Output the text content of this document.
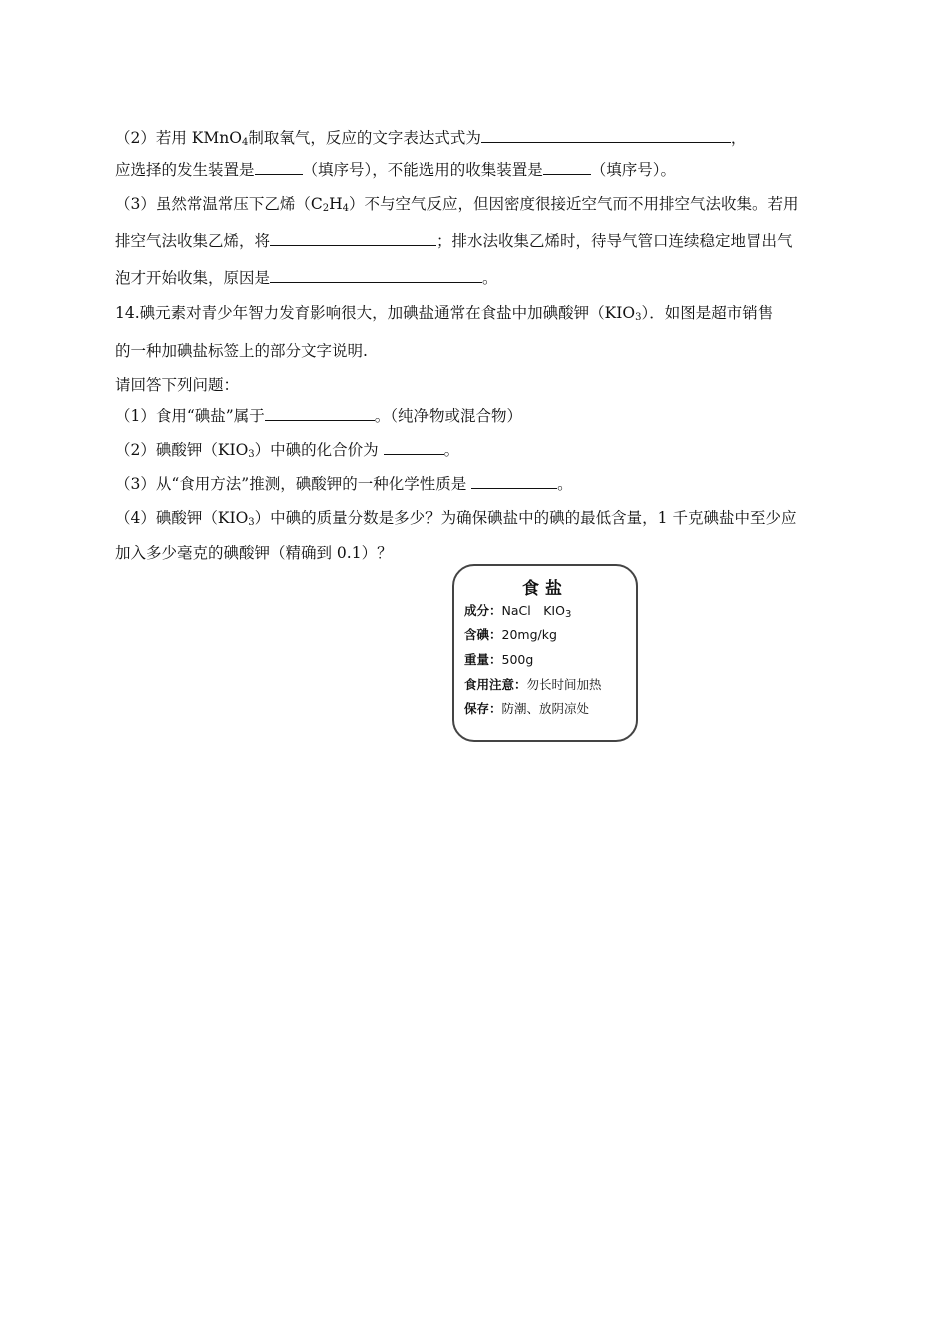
（2）若用 KMnO$_4$制取氧气，反应的文字表达式式为	，
应选择的发生装置是	（填序号），不能选用的收集装置是	（填序号）。
（3）虽然常温常压下乙烯$(C_2H_4)$不与空气反应，但因密度很接近空气而不用排空气法收集。若用
排空气法收集乙烯，将	；排水法收集乙烯时，待导气管口连续稳定地冒出气
泡才开始收集，原因是	。
14.碘元素对青少年智力发育影响很大，加碘盐通常在食盐中加碘酸钾$(KIO_3)$．如图是超市销售
的一种加碘盐标签上的部分文字说明.
请回答下列问题：
（1）食用“碘盐”属于	。（纯净物或混合物）
（2）碘酸钾$(KIO_3)$中碘的化合价为	。
（3）从“食用方法”推测，碘酸钾的一种化学性质是	。
（4）碘酸钾$(KIO_3)$中碘的质量分数是多少？为确保碘盐中的碘的最低含量，1 千克碘盐中至少应
加入多少毫克的碘酸钾（精确到 0.1）？
食盐
成分：NaCl　$KIO_3$
含碘：20mg/kg
重量：500g
食用注意：勿长时间加热
保存：防潮、放阴凉处
